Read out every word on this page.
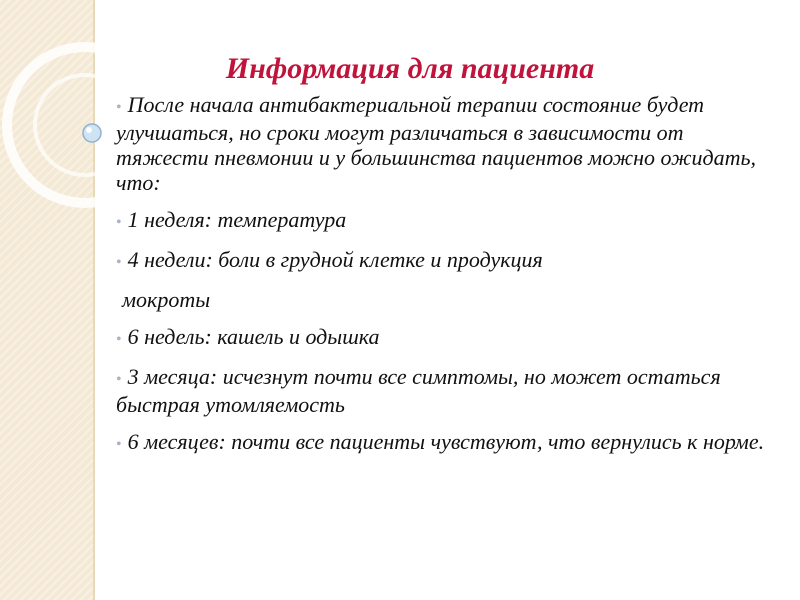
Информация для пациента

• После начала антибактериальной терапии состояние будет улучшаться, но сроки могут различаться в зависимости от тяжести пневмонии и у большинства пациентов можно ожидать, что:

• 1 неделя: температура

• 4 недели: боли в грудной клетке и продукция

мокроты

• 6 недель: кашель и одышка

• 3 месяца: исчезнут почти все симптомы, но может остаться быстрая утомляемость

• 6 месяцев: почти все пациенты чувствуют, что вернулись к норме.
